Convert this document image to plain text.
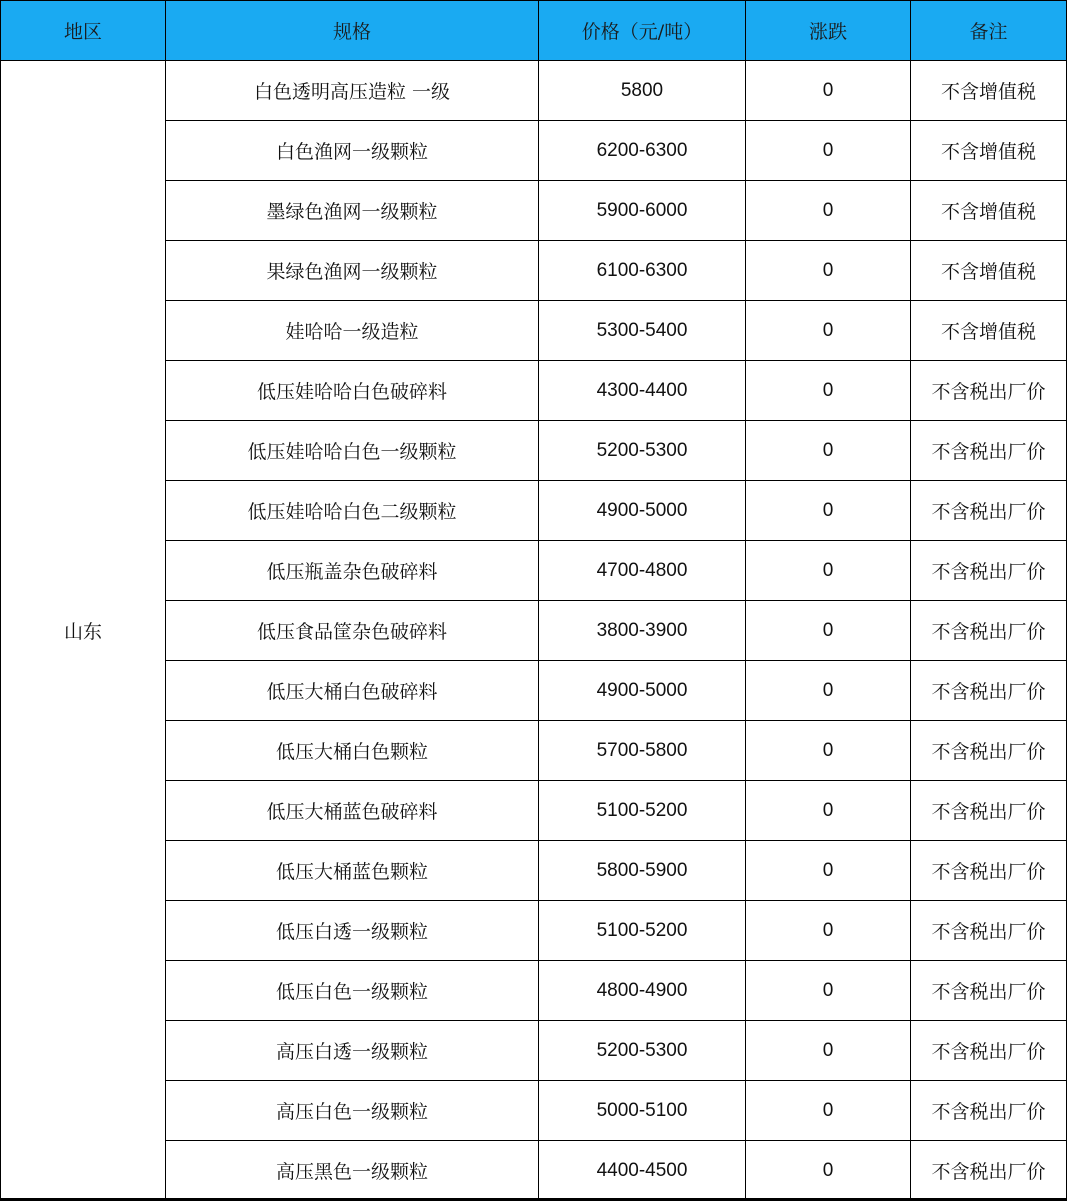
地区	规格	价格（元/吨）	涨跌	备注
山东	白色透明高压造粒 一级	5800	0	不含增值税
	白色渔网一级颗粒	6200-6300	0	不含增值税
	墨绿色渔网一级颗粒	5900-6000	0	不含增值税
	果绿色渔网一级颗粒	6100-6300	0	不含增值税
	娃哈哈一级造粒	5300-5400	0	不含增值税
	低压娃哈哈白色破碎料	4300-4400	0	不含税出厂价
	低压娃哈哈白色一级颗粒	5200-5300	0	不含税出厂价
	低压娃哈哈白色二级颗粒	4900-5000	0	不含税出厂价
	低压瓶盖杂色破碎料	4700-4800	0	不含税出厂价
	低压食品筐杂色破碎料	3800-3900	0	不含税出厂价
	低压大桶白色破碎料	4900-5000	0	不含税出厂价
	低压大桶白色颗粒	5700-5800	0	不含税出厂价
	低压大桶蓝色破碎料	5100-5200	0	不含税出厂价
	低压大桶蓝色颗粒	5800-5900	0	不含税出厂价
	低压白透一级颗粒	5100-5200	0	不含税出厂价
	低压白色一级颗粒	4800-4900	0	不含税出厂价
	高压白透一级颗粒	5200-5300	0	不含税出厂价
	高压白色一级颗粒	5000-5100	0	不含税出厂价
	高压黑色一级颗粒	4400-4500	0	不含税出厂价
